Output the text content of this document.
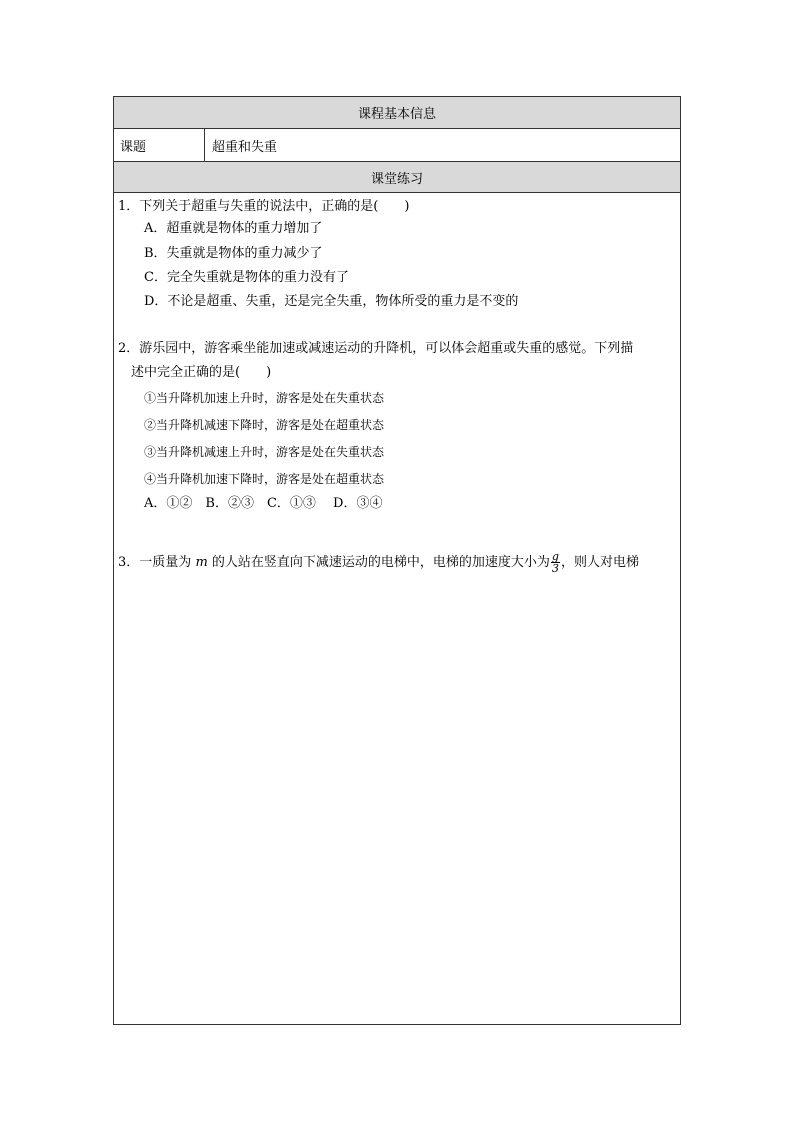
课程基本信息
课题	超重和失重
课堂练习
1．下列关于超重与失重的说法中，正确的是(　　)
A．超重就是物体的重力增加了
B．失重就是物体的重力减少了
C．完全失重就是物体的重力没有了
D．不论是超重、失重，还是完全失重，物体所受的重力是不变的
2．游乐园中，游客乘坐能加速或减速运动的升降机，可以体会超重或失重的感觉。下列描
述中完全正确的是(　　)
①当升降机加速上升时，游客是处在失重状态
②当升降机减速下降时，游客是处在超重状态
③当升降机减速上升时，游客是处在失重状态
④当升降机加速下降时，游客是处在超重状态
A．①②　B．②③　C．①③　 D．③④
3．一质量为 m 的人站在竖直向下减速运动的电梯中，电梯的加速度大小为 $\frac{g}{3}$ ，则人对电梯
